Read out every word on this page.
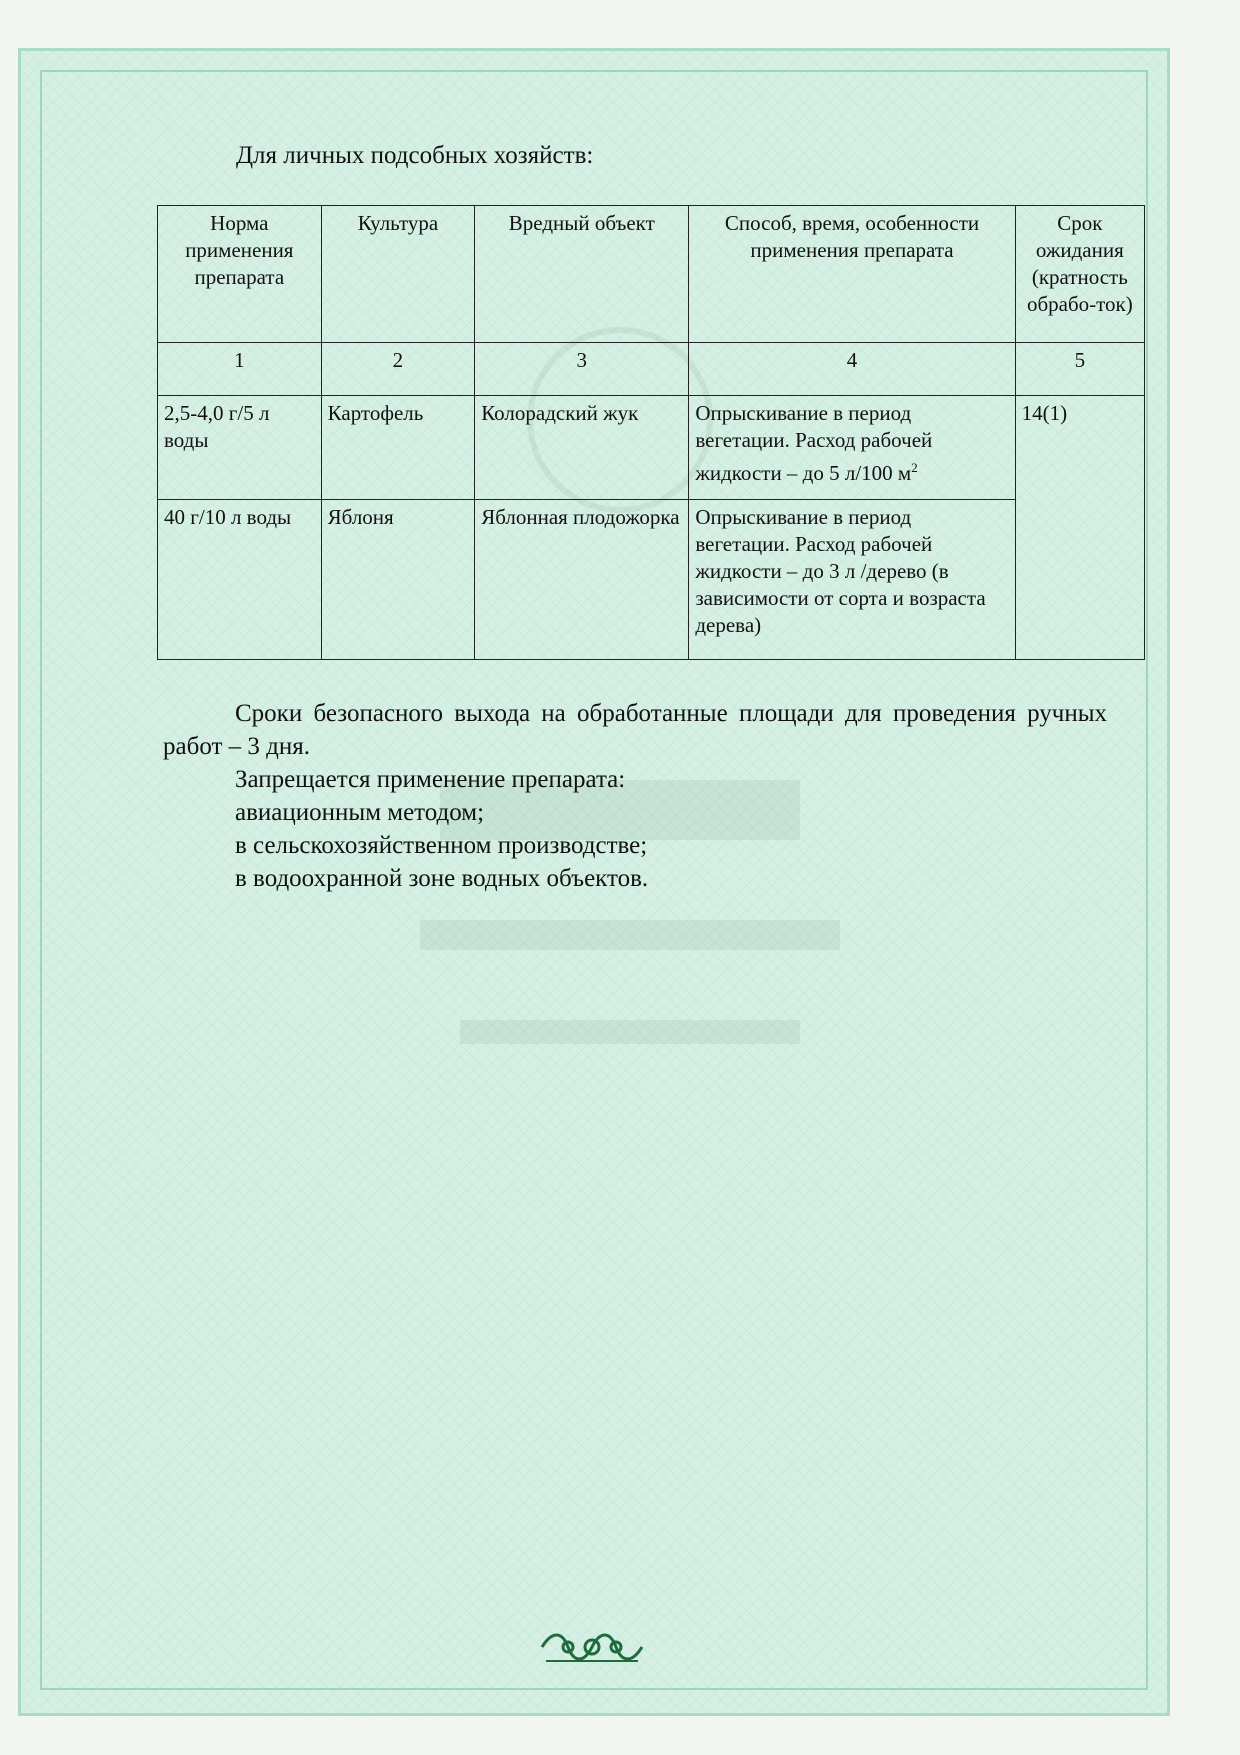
Для личных подсобных хозяйств:
Норма применения препарата	Культура	Вредный объект	Способ, время, особенности применения препарата	Срок ожидания (кратность обрабо-ток)
1	2	3	4	5
2,5-4,0 г/5 л воды	Картофель	Колорадский жук	Опрыскивание в период вегетации. Расход рабочей жидкости – до 5 л/100 $м^2$	14(1)
40 г/10 л воды	Яблоня	Яблонная плодожорка	Опрыскивание в период вегетации. Расход рабочей жидкости – до 3 л /дерево (в зависимости от сорта и возраста дерева)	
Сроки безопасного выхода на обработанные площади для проведения ручных работ – 3 дня.
Запрещается применение препарата:
авиационным методом;
в сельскохозяйственном производстве;
в водоохранной зоне водных объектов.
